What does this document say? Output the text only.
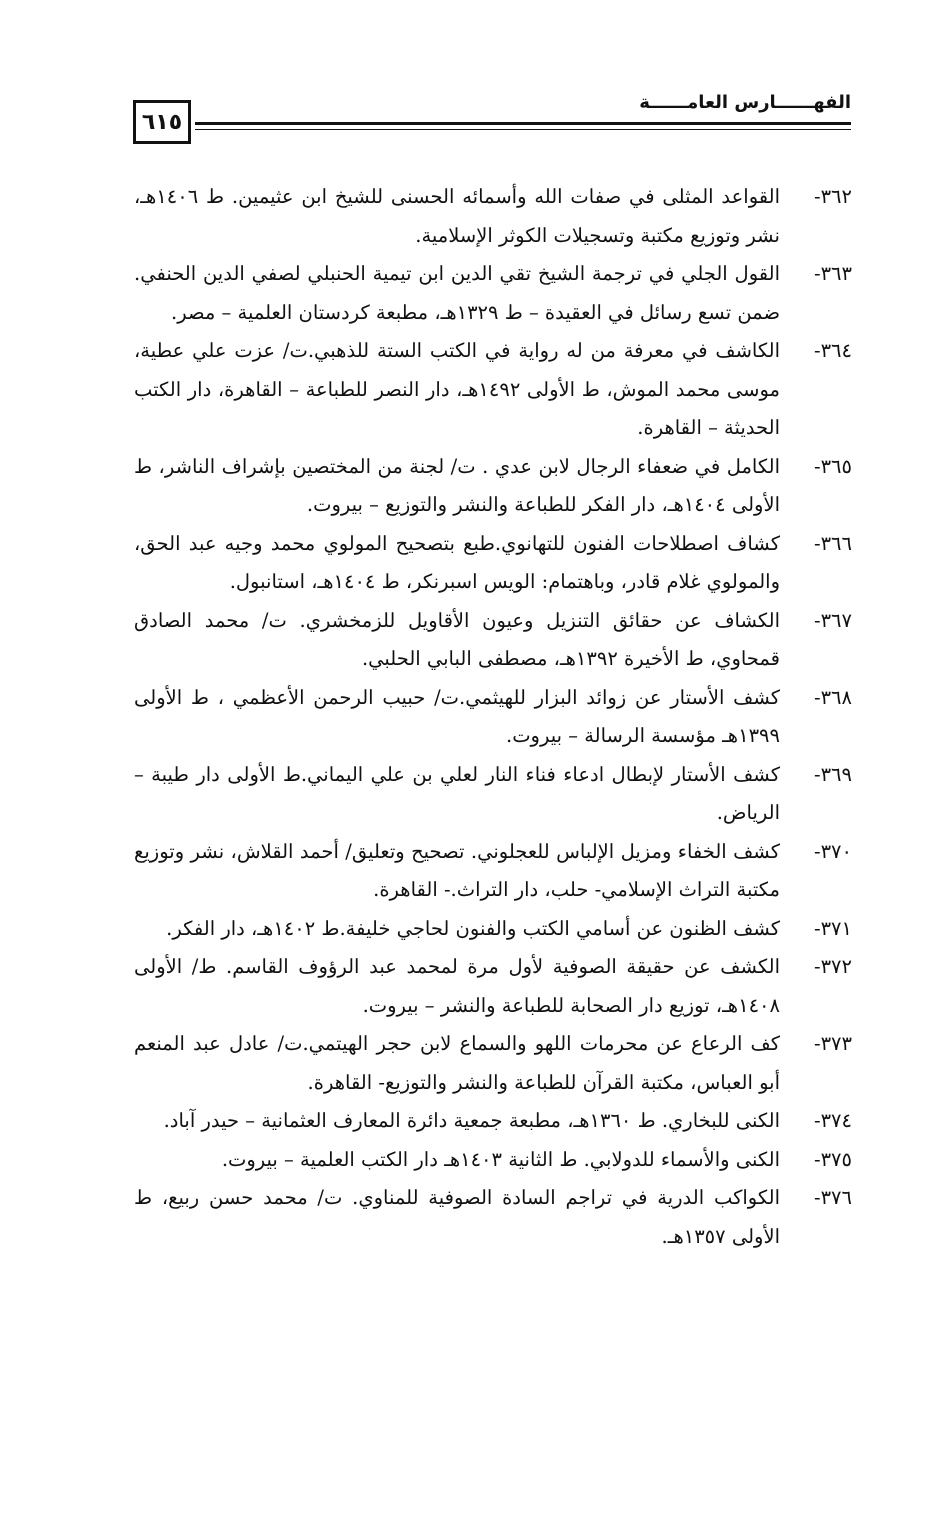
٦١٥
الفهــــــارس العامــــــة
٣٦٢-
القواعد المثلى في صفات الله وأسمائه الحسنى للشيخ ابن عثيمين. ط ١٤٠٦هـ، نشر وتوزيع مكتبة وتسجيلات الكوثر الإسلامية.
٣٦٣-
القول الجلي في ترجمة الشيخ تقي الدين ابن تيمية الحنبلي لصفي الدين الحنفي. ضمن تسع رسائل في العقيدة – ط ١٣٢٩هـ، مطبعة كردستان العلمية – مصر.
٣٦٤-
الكاشف في معرفة من له رواية في الكتب الستة للذهبي.ت/ عزت علي عطية، موسى محمد الموش، ط الأولى ١٤٩٢هـ، دار النصر للطباعة – القاهرة، دار الكتب الحديثة – القاهرة.
٣٦٥-
الكامل في ضعفاء الرجال لابن عدي . ت/ لجنة من المختصين بإشراف الناشر، ط الأولى ١٤٠٤هـ، دار الفكر للطباعة والنشر والتوزيع – بيروت.
٣٦٦-
كشاف اصطلاحات الفنون للتهانوي.طبع بتصحيح المولوي محمد وجيه عبد الحق، والمولوي غلام قادر، وباهتمام: الويس اسبرنكر، ط ١٤٠٤هـ، استانبول.
٣٦٧-
الكشاف عن حقائق التنزيل وعيون الأقاويل للزمخشري. ت/ محمد الصادق قمحاوي، ط الأخيرة ١٣٩٢هـ، مصطفى البابي الحلبي.
٣٦٨-
كشف الأستار عن زوائد البزار للهيثمي.ت/ حبيب الرحمن الأعظمي ، ط الأولى ١٣٩٩هـ مؤسسة الرسالة – بيروت.
٣٦٩-
كشف الأستار لإبطال ادعاء فناء النار لعلي بن علي اليماني.ط الأولى دار طيبة – الرياض.
٣٧٠-
كشف الخفاء ومزيل الإلباس للعجلوني. تصحيح وتعليق/ أحمد القلاش، نشر وتوزيع مكتبة التراث الإسلامي- حلب، دار التراث.- القاهرة.
٣٧١-
كشف الظنون عن أسامي الكتب والفنون لحاجي خليفة.ط ١٤٠٢هـ، دار الفكر.
٣٧٢-
الكشف عن حقيقة الصوفية لأول مرة لمحمد عبد الرؤوف القاسم. ط/ الأولى ١٤٠٨هـ، توزيع دار الصحابة للطباعة والنشر – بيروت.
٣٧٣-
كف الرعاع عن محرمات اللهو والسماع لابن حجر الهيتمي.ت/ عادل عبد المنعم أبو العباس، مكتبة القرآن للطباعة والنشر والتوزيع- القاهرة.
٣٧٤-
الكنى للبخاري. ط ١٣٦٠هـ، مطبعة جمعية دائرة المعارف العثمانية – حيدر آباد.
٣٧٥-
الكنى والأسماء للدولابي. ط الثانية ١٤٠٣هـ دار الكتب العلمية – بيروت.
٣٧٦-
الكواكب الدرية في تراجم السادة الصوفية للمناوي. ت/ محمد حسن ربيع، ط الأولى ١٣٥٧هـ.
